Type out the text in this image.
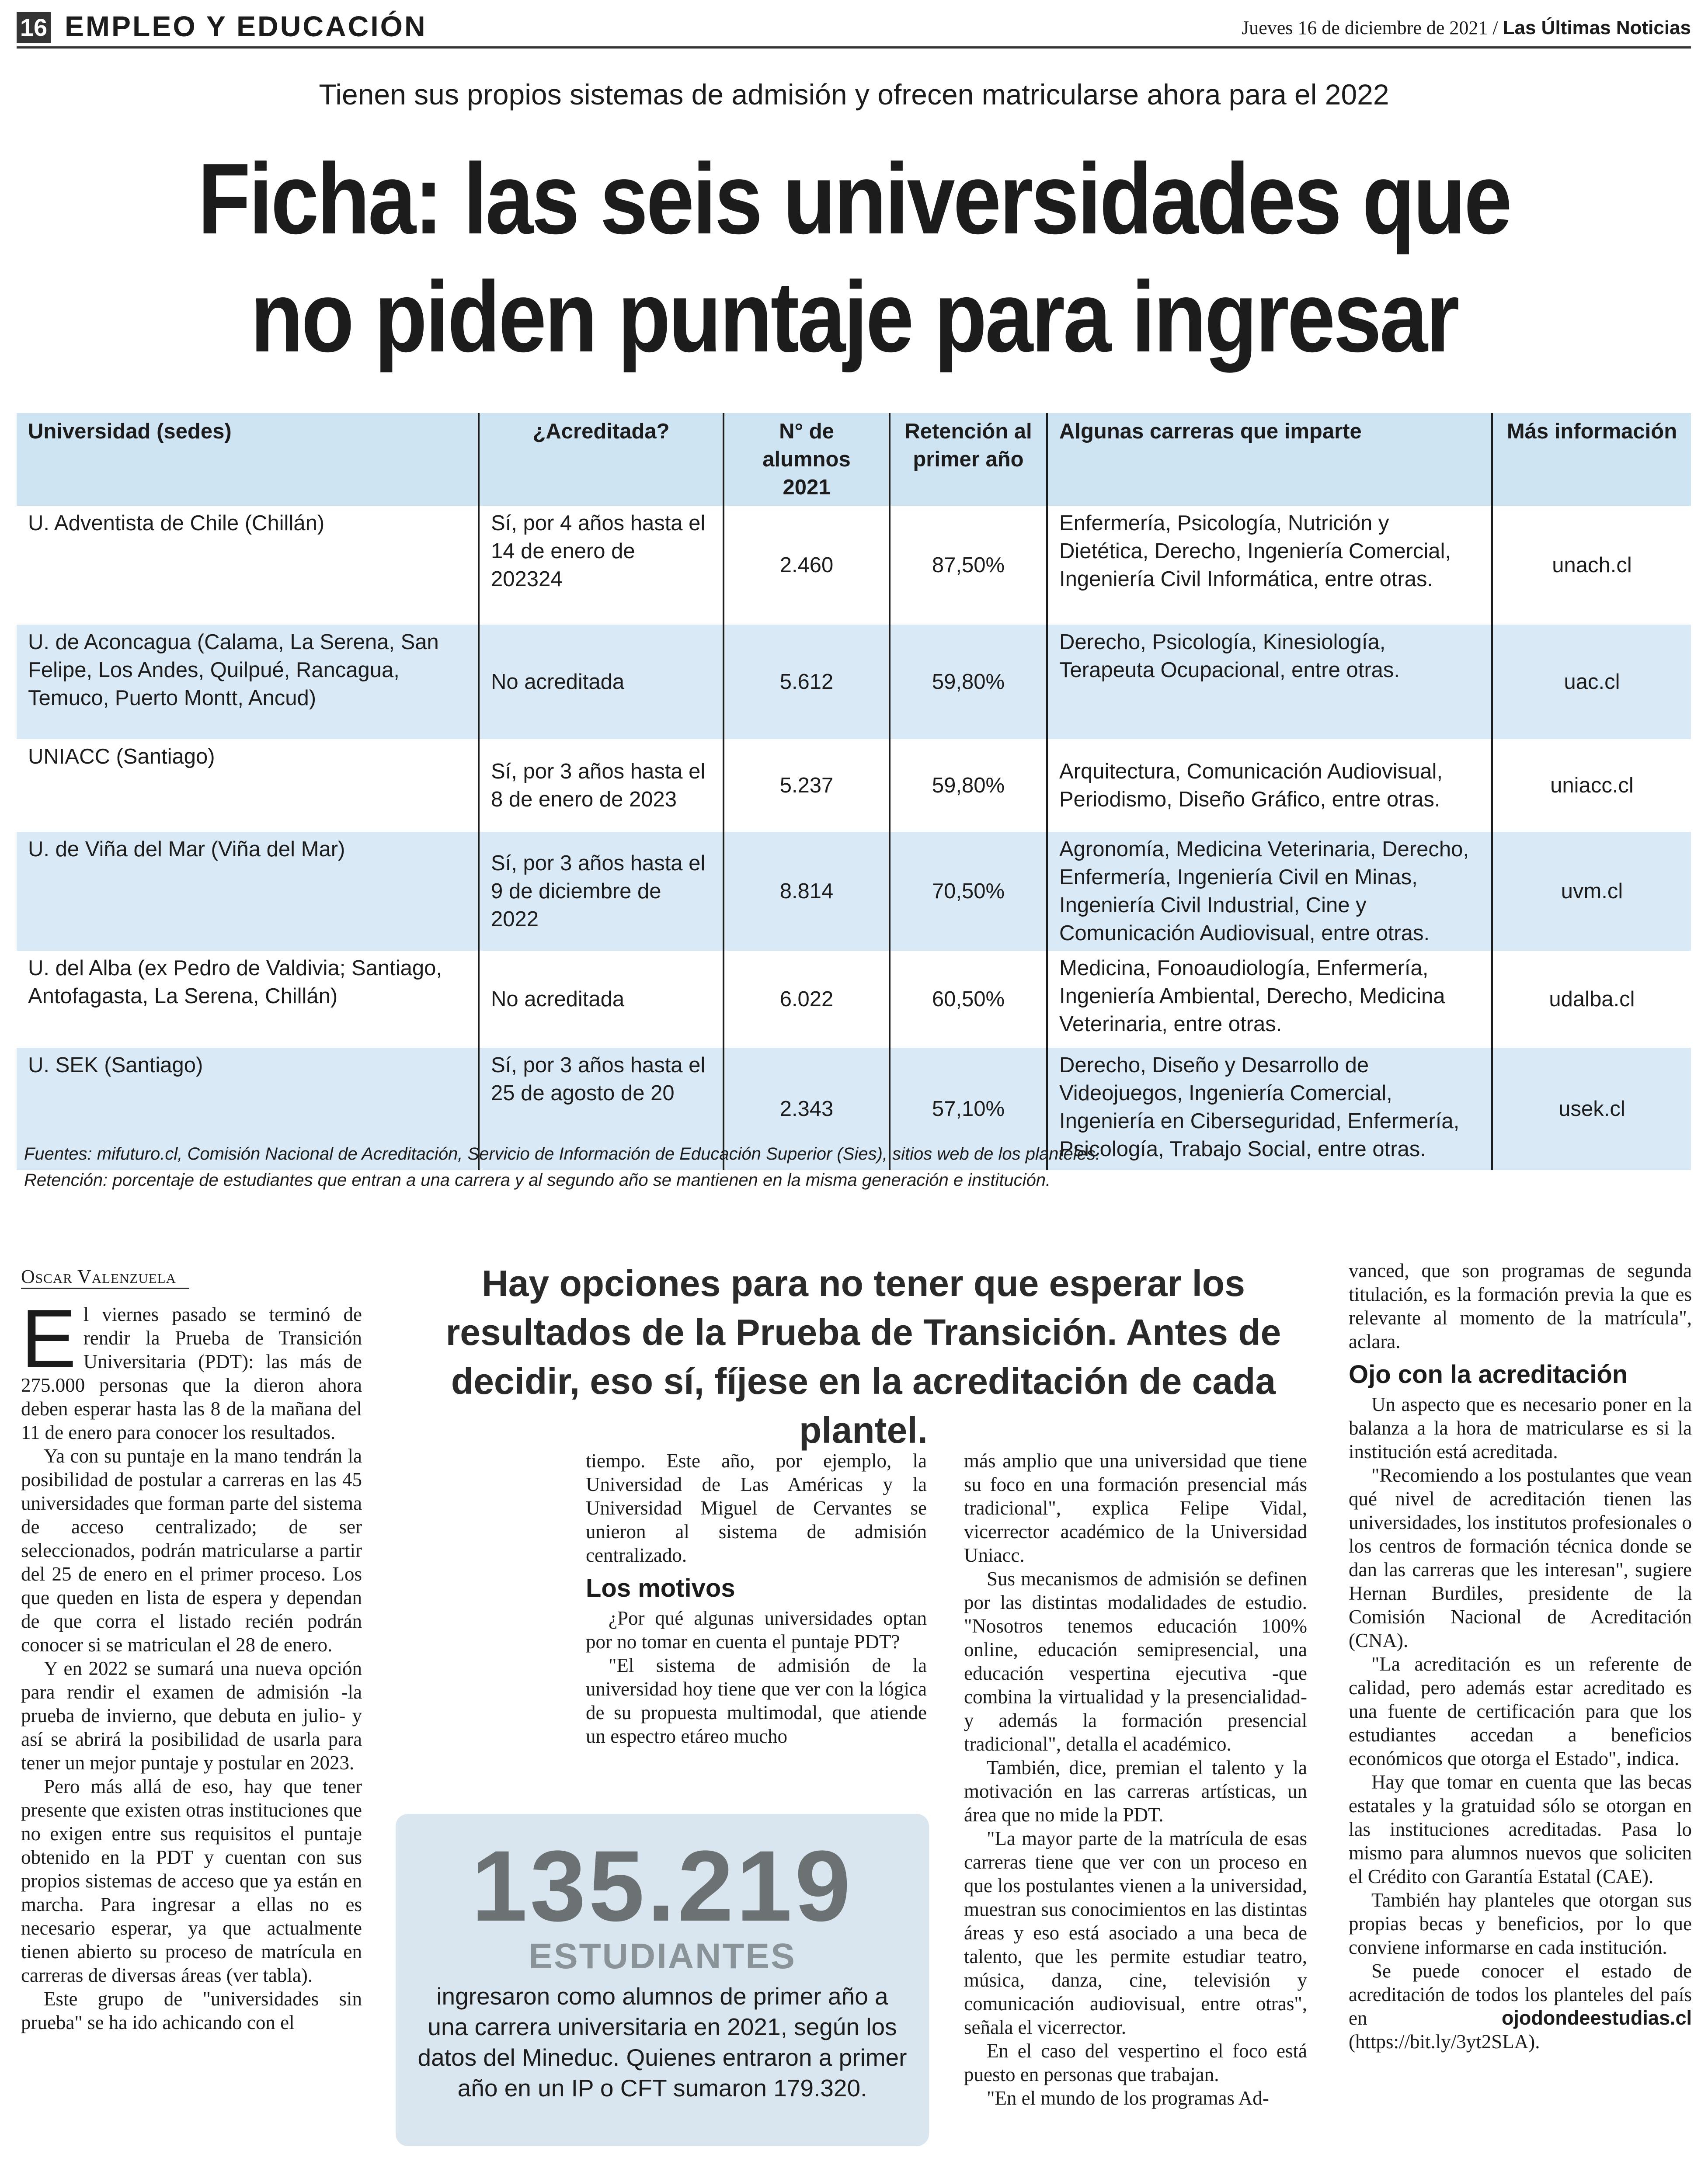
16 EMPLEO Y EDUCACIÓN	Jueves 16 de diciembre de 2021 / Las Últimas Noticias
Tienen sus propios sistemas de admisión y ofrecen matricularse ahora para el 2022
Ficha: las seis universidades que
no piden puntaje para ingresar
Universidad (sedes)	¿Acreditada?	N° de alumnos 2021	Retención al primer año	Algunas carreras que imparte	Más información
U. Adventista de Chile (Chillán)	Sí, por 4 años hasta el 14 de enero de 202324	2.460	87,50%	Enfermería, Psicología, Nutrición y Dietética, Derecho, Ingeniería Comercial, Ingeniería Civil Informática, entre otras.	unach.cl
U. de Aconcagua (Calama, La Serena, San Felipe, Los Andes, Quilpué, Rancagua, Temuco, Puerto Montt, Ancud)	No acreditada	5.612	59,80%	Derecho, Psicología, Kinesiología, Terapeuta Ocupacional, entre otras.	uac.cl
UNIACC (Santiago)	Sí, por 3 años hasta el 8 de enero de 2023	5.237	59,80%	Arquitectura, Comunicación Audiovisual, Periodismo, Diseño Gráfico, entre otras.	uniacc.cl
U. de Viña del Mar (Viña del Mar)	Sí, por 3 años hasta el 9 de diciembre de 2022	8.814	70,50%	Agronomía, Medicina Veterinaria, Derecho, Enfermería, Ingeniería Civil en Minas, Ingeniería Civil Industrial, Cine y Comunicación Audiovisual, entre otras.	uvm.cl
U. del Alba (ex Pedro de Valdivia; Santiago, Antofagasta, La Serena, Chillán)	No acreditada	6.022	60,50%	Medicina, Fonoaudiología, Enfermería, Ingeniería Ambiental, Derecho, Medicina Veterinaria, entre otras.	udalba.cl
U. SEK (Santiago)	Sí, por 3 años hasta el 25 de agosto de 20	2.343	57,10%	Derecho, Diseño y Desarrollo de Videojuegos, Ingeniería Comercial, Ingeniería en Ciberseguridad, Enfermería, Psicología, Trabajo Social, entre otras.	usek.cl
Fuentes: mifuturo.cl, Comisión Nacional de Acreditación, Servicio de Información de Educación Superior (Sies), sitios web de los planteles.
Retención: porcentaje de estudiantes que entran a una carrera y al segundo año se mantienen en la misma generación e institución.
Oscar Valenzuela	Hay opciones para no tener que esperar los resultados de la Prueba de Transición. Antes de decidir, eso sí, fíjese en la acreditación de cada plantel.

El viernes pasado se terminó de rendir la Prueba de Transición Universitaria (PDT): las más de 275.000 personas que la dieron ahora deben esperar hasta las 8 de la mañana del 11 de enero para conocer los resultados.

Ya con su puntaje en la mano tendrán la posibilidad de postular a carreras en las 45 universidades que forman parte del sistema de acceso centralizado; de ser seleccionados, podrán matricularse a partir del 25 de enero en el primer proceso. Los que queden en lista de espera y dependan de que corra el listado recién podrán conocer si se matriculan el 28 de enero.

Y en 2022 se sumará una nueva opción para rendir el examen de admisión -la prueba de invierno, que debuta en julio- y así se abrirá la posibilidad de usarla para tener un mejor puntaje y postular en 2023.

Pero más allá de eso, hay que tener presente que existen otras instituciones que no exigen entre sus requisitos el puntaje obtenido en la PDT y cuentan con sus propios sistemas de acceso que ya están en marcha. Para ingresar a ellas no es necesario esperar, ya que actualmente tienen abierto su proceso de matrícula en carreras de diversas áreas (ver tabla).

Este grupo de "universidades sin prueba" se ha ido achicando con el

tiempo. Este año, por ejemplo, la Universidad de Las Américas y la Universidad Miguel de Cervantes se unieron al sistema de admisión centralizado.

Los motivos

¿Por qué algunas universidades optan por no tomar en cuenta el puntaje PDT?

"El sistema de admisión de la universidad hoy tiene que ver con la lógica de su propuesta multimodal, que atiende un espectro etáreo mucho

más amplio que una universidad que tiene su foco en una formación presencial más tradicional", explica Felipe Vidal, vicerrector académico de la Universidad Uniacc.

Sus mecanismos de admisión se definen por las distintas modalidades de estudio. "Nosotros tenemos educación 100% online, educación semipresencial, una educación vespertina ejecutiva -que combina la virtualidad y la presencialidad- y además la formación presencial tradicional", detalla el académico.

También, dice, premian el talento y la motivación en las carreras artísticas, un área que no mide la PDT.

"La mayor parte de la matrícula de esas carreras tiene que ver con un proceso en que los postulantes vienen a la universidad, muestran sus conocimientos en las distintas áreas y eso está asociado a una beca de talento, que les permite estudiar teatro, música, danza, cine, televisión y comunicación audiovisual, entre otras", señala el vicerrector.

En el caso del vespertino el foco está puesto en personas que trabajan.

"En el mundo de los programas Ad-

vanced, que son programas de segunda titulación, es la formación previa la que es relevante al momento de la matrícula", aclara.

Ojo con la acreditación

Un aspecto que es necesario poner en la balanza a la hora de matricularse es si la institución está acreditada.

"Recomiendo a los postulantes que vean qué nivel de acreditación tienen las universidades, los institutos profesionales o los centros de formación técnica donde se dan las carreras que les interesan", sugiere Hernan Burdiles, presidente de la Comisión Nacional de Acreditación (CNA).

"La acreditación es un referente de calidad, pero además estar acreditado es una fuente de certificación para que los estudiantes accedan a beneficios económicos que otorga el Estado", indica.

Hay que tomar en cuenta que las becas estatales y la gratuidad sólo se otorgan en las instituciones acreditadas. Pasa lo mismo para alumnos nuevos que soliciten el Crédito con Garantía Estatal (CAE).

También hay planteles que otorgan sus propias becas y beneficios, por lo que conviene informarse en cada institución.

Se puede conocer el estado de acreditación de todos los planteles del país en ojodondeestudias.cl (https://bit.ly/3yt2SLA).

135.219
ESTUDIANTES
ingresaron como alumnos de primer año a una carrera universitaria en 2021, según los datos del Mineduc. Quienes entraron a primer año en un IP o CFT sumaron 179.320.
